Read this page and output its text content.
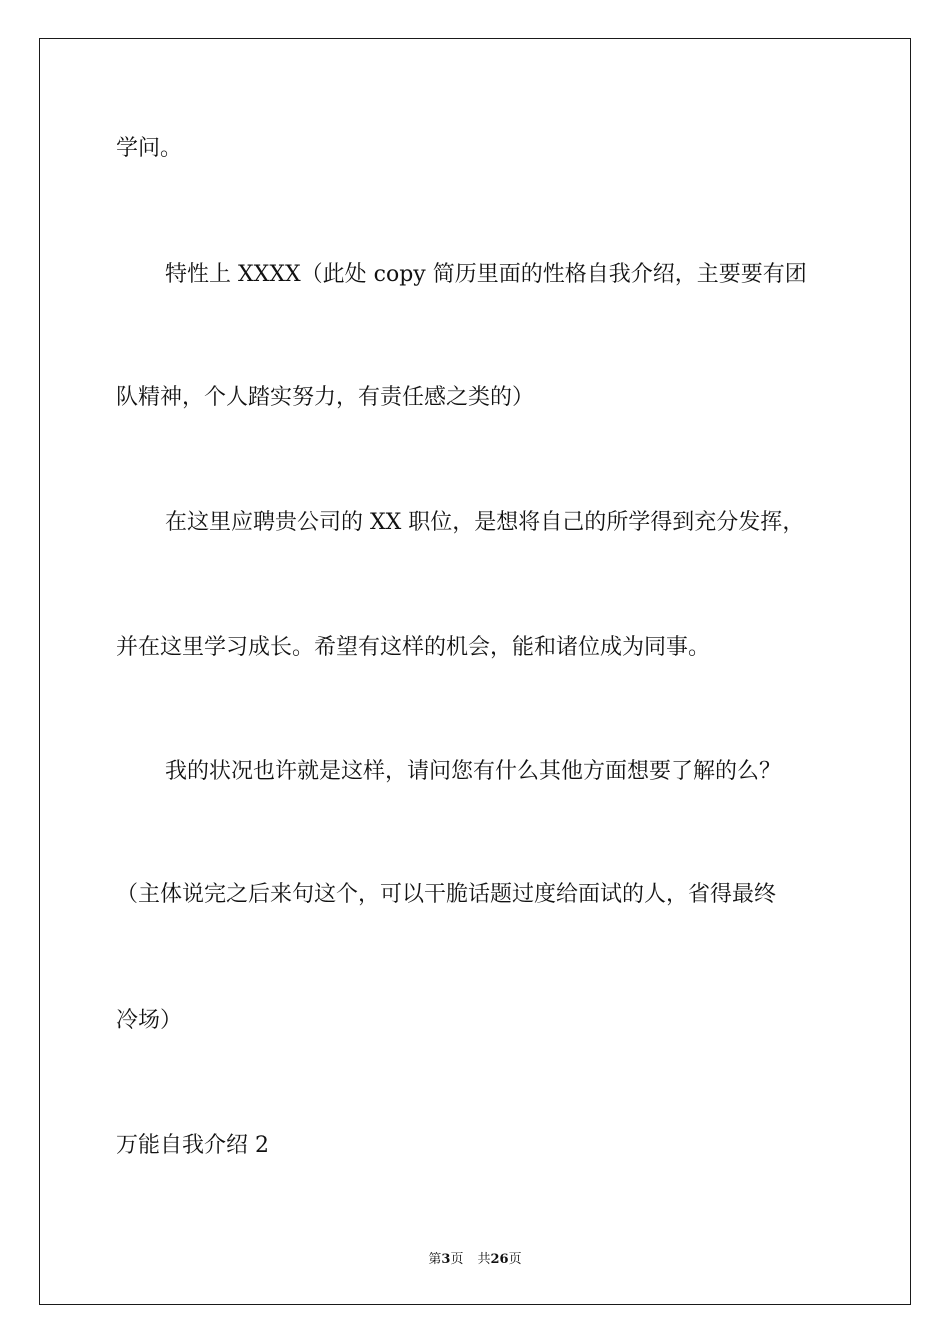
学问。
特性上 XXXX（此处 copy 简历里面的性格自我介绍，主要要有团
队精神，个人踏实努力，有责任感之类的）
在这里应聘贵公司的 XX 职位，是想将自己的所学得到充分发挥，
并在这里学习成长。希望有这样的机会，能和诸位成为同事。
我的状况也许就是这样，请问您有什么其他方面想要了解的么？
（主体说完之后来句这个，可以干脆话题过度给面试的人，省得最终
冷场）
万能自我介绍 2
第3页 共26页
